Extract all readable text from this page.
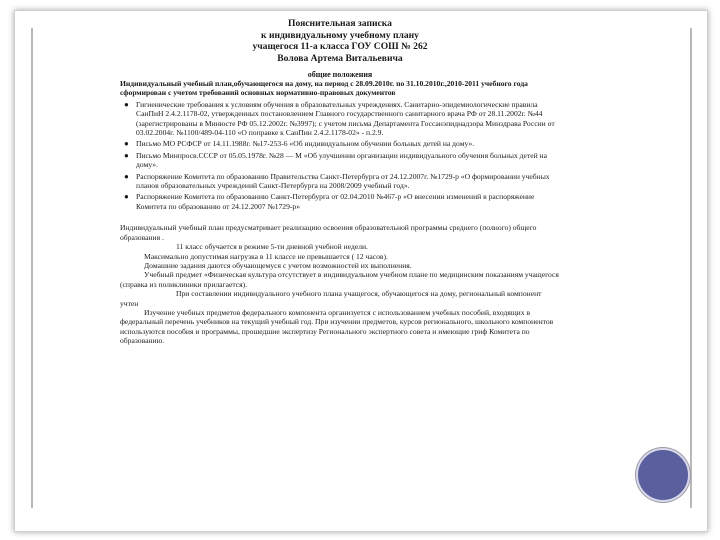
Пояснительная записка
к индивидуальному учебному плану
учащегося 11-а класса ГОУ СОШ № 262
Волова Артема Витальевича
общие положения

Индивидуальный учебный план,обучающегося на дому, на период с 28.09.2010г. по 31.10.2010г.,2010-2011 учебного года сформирован с учетом требований основных нормативно-правовых документов

● Гигиенические требования к условиям обучения в образовательных учреждениях. Санитарно-эпидемиологические правила СанПиН 2.4.2.1178-02, утвержденных постановлением Главного государственного санитарного врача РФ от 28.11.2002г. №44 (зарегистрированы в Минюсте РФ 05.12.2002г. №3997); с учетом письма Департамента Госсанэпиднадзора Минздрава России от 03.02.2004г. №1100/489-04-110 «О поправке к СанПин 2.4.2.1178-02» - п.2.9.
● Письмо МО РСФСР от 14.11.1988г. №17-253-6 «Об индивидуальном обучении больных детей на дому».
● Письмо Минпросв.СССР от 05.05.1978г. №28 — М «Об улучшении организации индивидуального обучения больных детей на дому».
● Распоряжение Комитета по образованию Правительства Санкт-Петербурга от 24.12.2007г. №1729-р «О формировании учебных планов образовательных учреждений Санкт-Петербурга на 2008/2009 учебный год».
● Распоряжение Комитета по образованию Санкт-Петербурга от 02.04.2010 №467-р «О внесении изменений в распоряжение Комитета по образованию от 24.12.2007 №1729-р»

Индивидуальный учебный план предусматривает реализацию освоения образовательной программы среднего (полного) общего образования .

11 класс обучается в режиме 5-ти дневной учебной недели.

Максимально допустимая нагрузка в 11 классе не превышается ( 12 часов).

Домашние задания даются обучающемуся с учетом возможностей их выполнения.

Учебный предмет «Физическая культура отсутствует в индивидуальном учебном плане по медицинским показаниям учащегося (справка из поликлиники прилагается).

При составлении индивидуального учебного плана учащегося, обучающегося на дому, региональный компонент учтен

Изучение учебных предметов федерального компонента организуется с использованием учебных пособий, входящих в федеральный перечень учебников на текущий учебный год. При изучении предметов, курсов регионального, школьного компонентов используются пособия и программы, прошедшие экспертизу Регионального экспертного совета и имеющие гриф Комитета по образованию.
